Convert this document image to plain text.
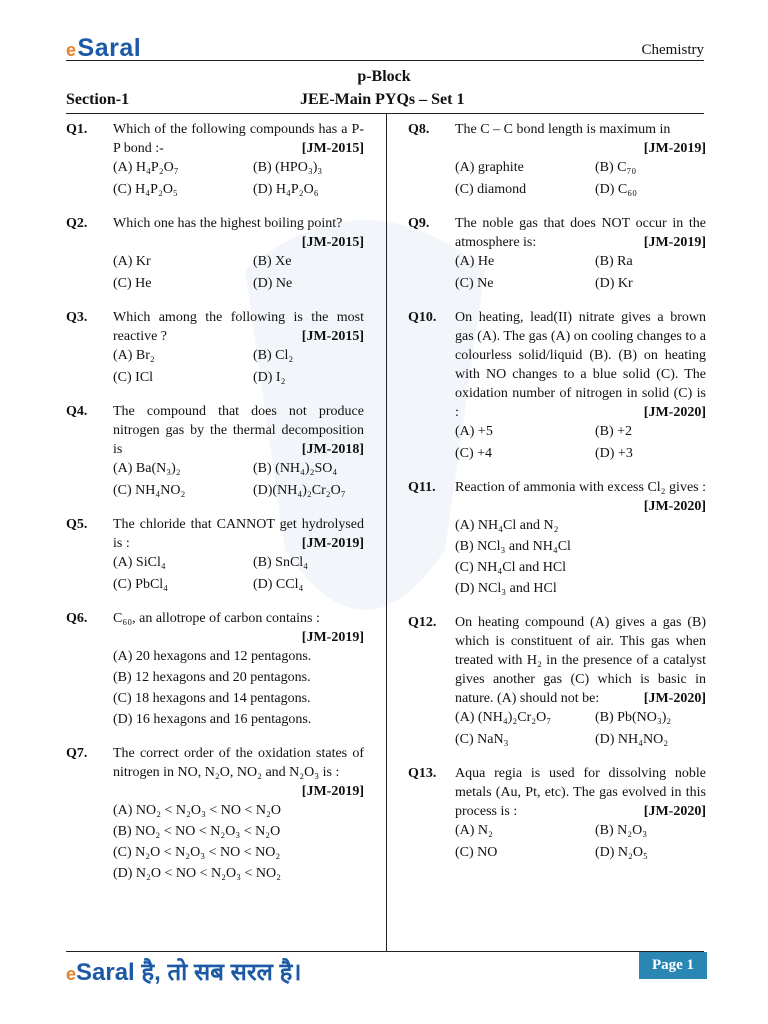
eSaral	Chemistry
p-Block
Section-1	JEE-Main PYQs – Set 1
Q1.	Which of the following compounds has a P-P bond :-	[JM-2015]
(A) H₄P₂O₇	(B) (HPO₃)₃
(C) H₄P₂O₅	(D) H₄P₂O₆
Q2.	Which one has the highest boiling point?
[JM-2015]
(A) Kr	(B) Xe
(C) He	(D) Ne
Q3.	Which among the following is the most reactive ?	[JM-2015]
(A) Br₂	(B) Cl₂
(C) ICl	(D) I₂
Q4.	The compound that does not produce nitrogen gas by the thermal decomposition is	[JM-2018]
(A) Ba(N₃)₂	(B) (NH₄)₂SO₄
(C) NH₄NO₂	(D)(NH₄)₂Cr₂O₇
Q5.	The chloride that CANNOT get hydrolysed is :	[JM-2019]
(A) SiCl₄	(B) SnCl₄
(C) PbCl₄	(D) CCl₄
Q6.	C₆₀, an allotrope of carbon contains :
[JM-2019]
(A) 20 hexagons and 12 pentagons.
(B) 12 hexagons and 20 pentagons.
(C) 18 hexagons and 14 pentagons.
(D) 16 hexagons and 16 pentagons.
Q7.	The correct order of the oxidation states of nitrogen in NO, N₂O, NO₂ and N₂O₃ is :
[JM-2019]
(A) NO₂ < N₂O₃ < NO < N₂O
(B) NO₂ < NO < N₂O₃ < N₂O
(C) N₂O < N₂O₃ < NO < NO₂
(D) N₂O < NO < N₂O₃ < NO₂
Q8.	The C – C bond length is maximum in
[JM-2019]
(A) graphite	(B) C₇₀
(C) diamond	(D) C₆₀
Q9.	The noble gas that does NOT occur in the atmosphere is:	[JM-2019]
(A) He	(B) Ra
(C) Ne	(D) Kr
Q10.	On heating, lead(II) nitrate gives a brown gas (A). The gas (A) on cooling changes to a colourless solid/liquid (B). (B) on heating with NO changes to a blue solid (C). The oxidation number of nitrogen in solid (C) is :	[JM-2020]
(A) +5	(B) +2
(C) +4	(D) +3
Q11.	Reaction of ammonia with excess Cl₂ gives :
[JM-2020]
(A) NH₄Cl and N₂
(B) NCl₃ and NH₄Cl
(C) NH₄Cl and HCl
(D) NCl₃ and HCl
Q12.	On heating compound (A) gives a gas (B) which is constituent of air. This gas when treated with H₂ in the presence of a catalyst gives another gas (C) which is basic in nature. (A) should not be:	[JM-2020]
(A) (NH₄)₂Cr₂O₇	(B) Pb(NO₃)₂
(C) NaN₃	(D) NH₄NO₂
Q13.	Aqua regia is used for dissolving noble metals (Au, Pt, etc). The gas evolved in this process is :	[JM-2020]
(A) N₂	(B) N₂O₃
(C) NO	(D) N₂O₅
eSaral है, तो सब सरल है।	Page 1
